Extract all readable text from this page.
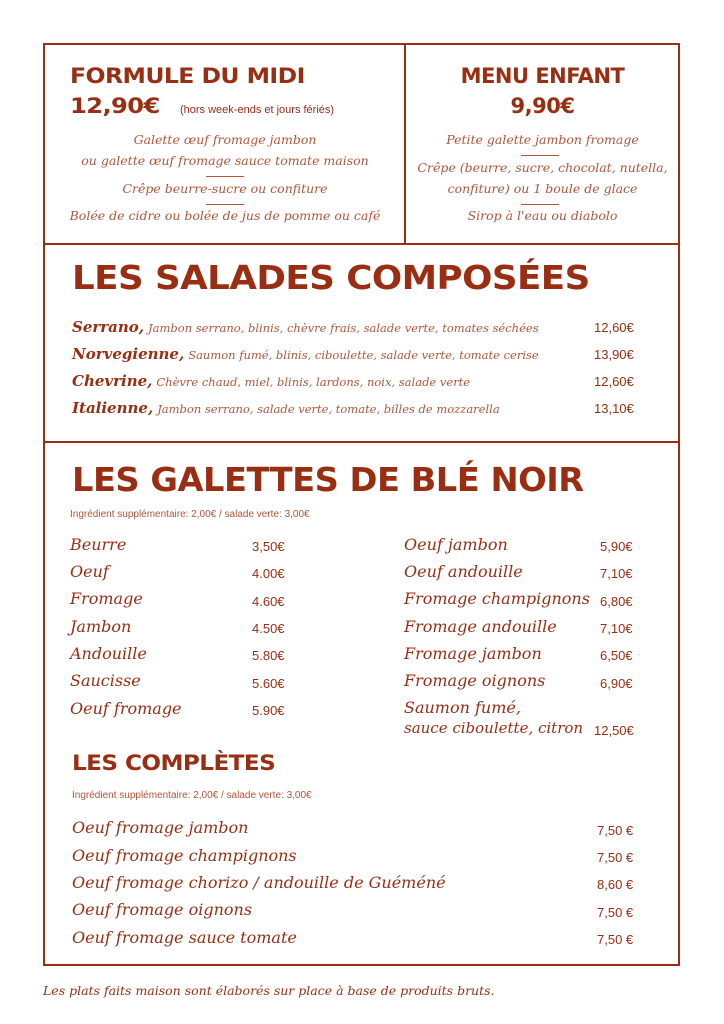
FORMULE DU MIDI
12,90€ (hors week-ends et jours fériés)
Galette œuf fromage jambon
ou galette œuf fromage sauce tomate maison
Crêpe beurre-sucre ou confiture
Bolée de cidre ou bolée de jus de pomme ou café
MENU ENFANT
9,90€
Petite galette jambon fromage
Crêpe (beurre, sucre, chocolat, nutella,
confiture) ou 1 boule de glace
Sirop à l'eau ou diabolo
LES SALADES COMPOSÉES
Serrano, Jambon serrano, blinis, chèvre frais, salade verte, tomates séchées	12,60€
Norvegienne, Saumon fumé, blinis, ciboulette, salade verte, tomate cerise	13,90€
Chevrine, Chèvre chaud, miel, blinis, lardons, noix, salade verte	12,60€
Italienne, Jambon serrano, salade verte, tomate, billes de mozzarella	13,10€
LES GALETTES DE BLÉ NOIR
Ingrédient supplémentaire: 2,00€ / salade verte: 3,00€
Beurre	3,50€
Oeuf	4.00€
Fromage	4.60€
Jambon	4.50€
Andouille	5.80€
Saucisse	5.60€
Oeuf fromage	5.90€
Oeuf jambon	5,90€
Oeuf andouille	7,10€
Fromage champignons 6,80€
Fromage andouille	7,10€
Fromage jambon	6,50€
Fromage oignons	6,90€
Saumon fumé,
sauce ciboulette, citron 12,50€
LES COMPLÈTES
Ingrédient supplémentaire: 2,00€ / salade verte: 3,00€
Oeuf fromage jambon	7,50 €
Oeuf fromage champignons	7,50 €
Oeuf fromage chorizo / andouille de Guéméné	8,60 €
Oeuf fromage oignons	7,50 €
Oeuf fromage sauce tomate	7,50 €
Les plats faits maison sont élaborés sur place à base de produits bruts.
